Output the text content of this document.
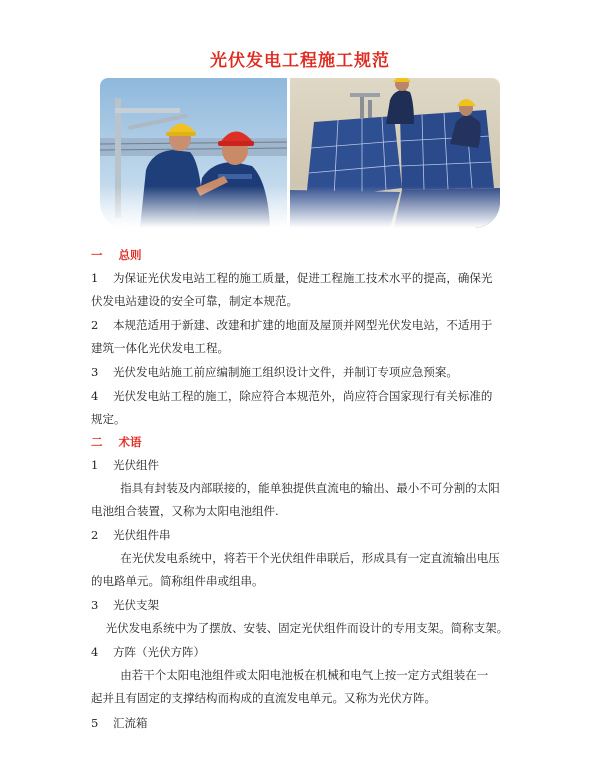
光伏发电工程施工规范
一    总则
1    为保证光伏发电站工程的施工质量，促进工程施工技术水平的提高，确保光
伏发电站建设的安全可靠，制定本规范。
2    本规范适用于新建、改建和扩建的地面及屋顶并网型光伏发电站，不适用于
建筑一体化光伏发电工程。
3    光伏发电站施工前应编制施工组织设计文件，并制订专项应急预案。
4    光伏发电站工程的施工，除应符合本规范外，尚应符合国家现行有关标准的
规定。
二    术语
1    光伏组件
指具有封装及内部联接的，能单独提供直流电的输出、最小不可分割的太阳
电池组合装置，又称为太阳电池组件.
2    光伏组件串
在光伏发电系统中，将若干个光伏组件串联后，形成具有一定直流输出电压
的电路单元。简称组件串或组串。
3    光伏支架
光伏发电系统中为了摆放、安装、固定光伏组件而设计的专用支架。简称支架。
4    方阵（光伏方阵）
由若干个太阳电池组件或太阳电池板在机械和电气上按一定方式组装在一
起并且有固定的支撑结构而构成的直流发电单元。又称为光伏方阵。
5    汇流箱
